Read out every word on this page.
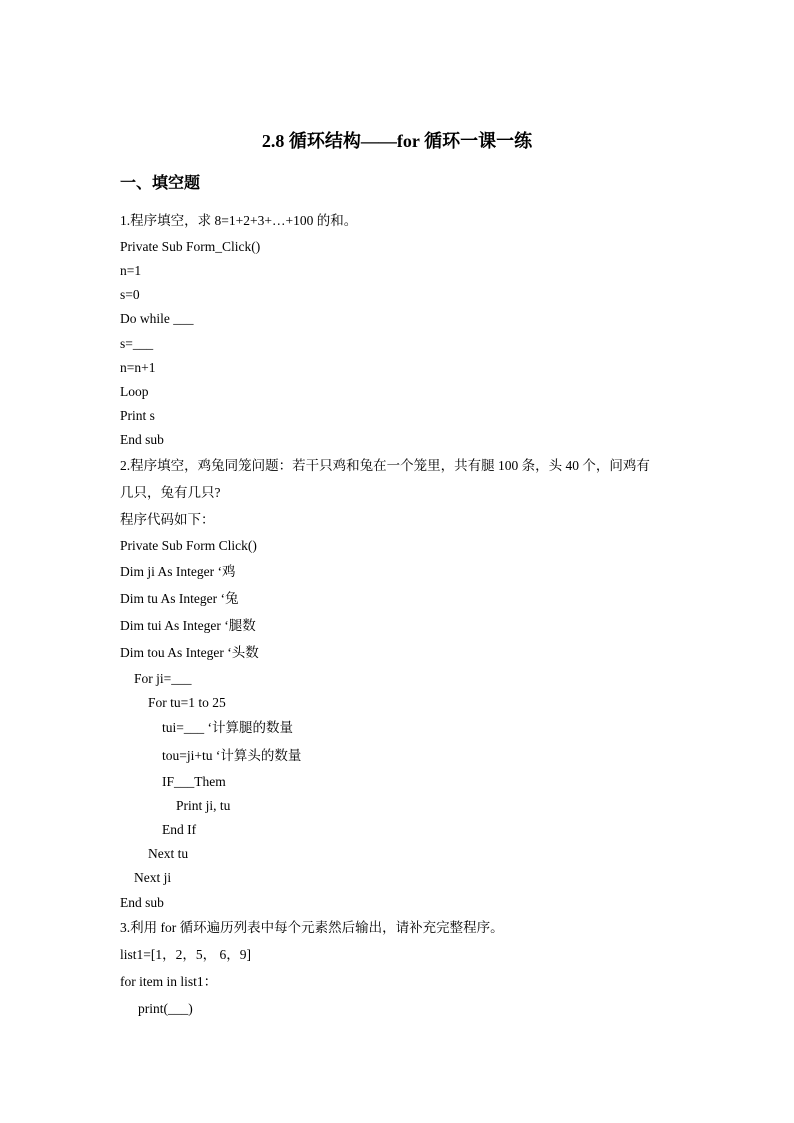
2.8 循环结构——for 循环一课一练
一、填空题
1.程序填空，求 8=1+2+3+…+100 的和。
Private Sub Form_Click()
n=1
s=0
Do while ___
s=___
n=n+1
Loop
Print s
End sub
2.程序填空，鸡兔同笼问题：若干只鸡和兔在一个笼里，共有腿 100 条，头 40 个，问鸡有
几只，兔有几只?
程序代码如下：
Private Sub Form Click()
Dim ji As Integer ‘鸡
Dim tu As Integer ‘兔
Dim tui As Integer ‘腿数
Dim tou As Integer ‘头数
For ji=___
For tu=1 to 25
tui=___ ‘计算腿的数量
tou=ji+tu ‘计算头的数量
IF___Them
Print ji, tu
End If
Next tu
Next ji
End sub
3.利用 for 循环遍历列表中每个元素然后输出，请补充完整程序。
list1=[1，2，5， 6，9]
for item in list1：
print(___)
